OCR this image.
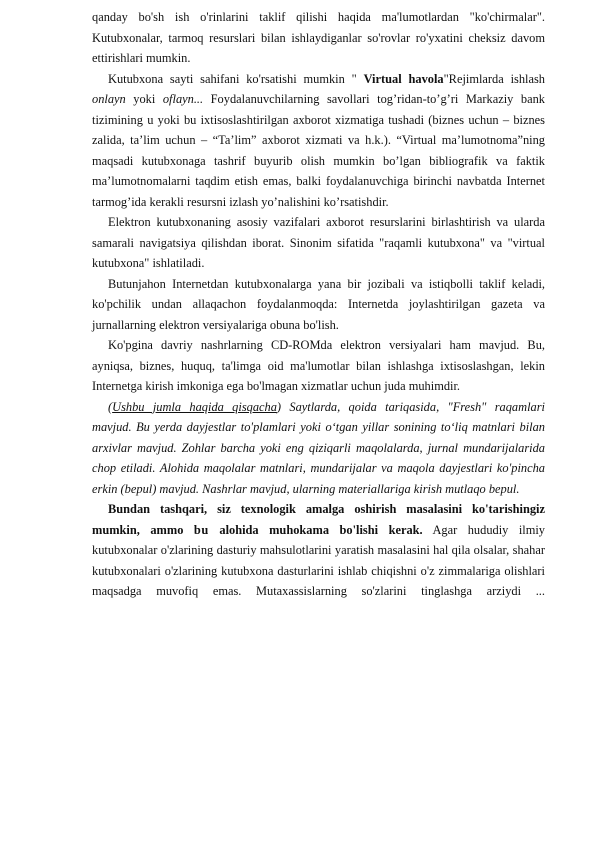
qanday bo'sh ish o'rinlarini taklif qilishi haqida ma'lumotlardan "ko'chirmalar". Kutubxonalar, tarmoq resurslari bilan ishlaydiganlar so'rovlar ro'yxatini cheksiz davom ettirishlari mumkin.

Kutubxona sayti sahifani ko'rsatishi mumkin " Virtual havola"Rejimlarda ishlash onlayn yoki oflayn... Foydalanuvchilarning savollari tog’ridan-to’g’ri Markaziy bank tizimining u yoki bu ixtisoslashtirilgan axborot xizmatiga tushadi (biznes uchun – biznes zalida, ta’lim uchun – “Ta’lim” axborot xizmati va h.k.). “Virtual ma’lumotnoma”ning maqsadi kutubxonaga tashrif buyurib olish mumkin bo’lgan bibliografik va faktik ma’lumotnomalarni taqdim etish emas, balki foydalanuvchiga birinchi navbatda Internet tarmog’ida kerakli resursni izlash yo’nalishini ko’rsatishdir.

Elektron kutubxonaning asosiy vazifalari axborot resurslarini birlashtirish va ularda samarali navigatsiya qilishdan iborat. Sinonim sifatida "raqamli kutubxona" va "virtual kutubxona" ishlatiladi.

Butunjahon Internetdan kutubxonalarga yana bir jozibali va istiqbolli taklif keladi, ko'pchilik undan allaqachon foydalanmoqda: Internetda joylashtirilgan gazeta va jurnallarning elektron versiyalariga obuna bo'lish.

Ko'pgina davriy nashrlarning CD-ROMda elektron versiyalari ham mavjud. Bu, ayniqsa, biznes, huquq, ta'limga oid ma'lumotlar bilan ishlashga ixtisoslashgan, lekin Internetga kirish imkoniga ega bo'lmagan xizmatlar uchun juda muhimdir.

(Ushbu jumla haqida qisqacha) Saytlarda, qoida tariqasida, "Fresh" raqamlari mavjud. Bu yerda dayjestlar to'plamlari yoki o‘tgan yillar sonining to‘liq matnlari bilan arxivlar mavjud. Zohlar barcha yoki eng qiziqarli maqolalarda, jurnal mundarijalarida chop etiladi. Alohida maqolalar matnlari, mundarijalar va maqola dayjestlari ko'pincha erkin (bepul) mavjud. Nashrlar mavjud, ularning materiallariga kirish mutlaqo bepul.

Bundan tashqari, siz texnologik amalga oshirish masalasini ko'tarishingiz mumkin, ammo bu alohida muhokama bo'lishi kerak. Agar hududiy ilmiy kutubxonalar o'zlarining dasturiy mahsulotlarini yaratish masalasini hal qila olsalar, shahar kutubxonalari o'zlarining kutubxona dasturlarini ishlab chiqishni o'z zimmalariga olishlari maqsadga muvofiq emas. Mutaxassislarning so'zlarini tinglashga arziydi ...
